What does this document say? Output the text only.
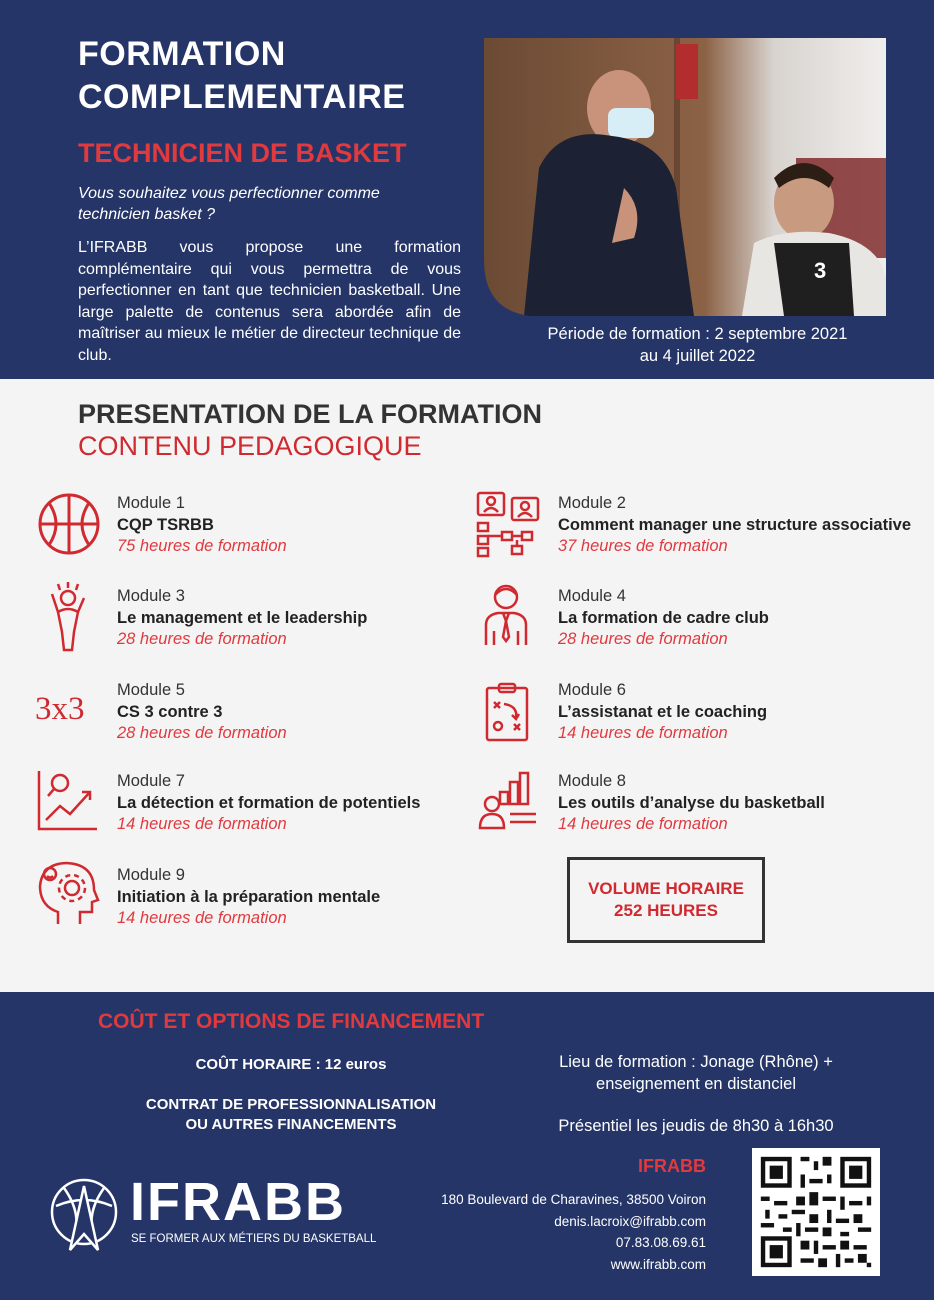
FORMATION
COMPLEMENTAIRE
TECHNICIEN DE BASKET
Vous souhaitez vous perfectionner comme technicien basket ?
L’IFRABB vous propose une formation complémentaire qui vous permettra de vous perfectionner en tant que technicien basketball. Une large palette de contenus sera abordée afin de maîtriser au mieux le métier de directeur technique de club.
3
Période de formation : 2 septembre 2021
au 4 juillet 2022
PRESENTATION DE LA FORMATION
CONTENU PEDAGOGIQUE
3x3
Module 1
CQP TSRBB
75 heures de formation
Module 2
Comment manager une structure associative
37 heures de formation
Module 3
Le management et le leadership
28 heures de formation
Module 4
La formation de cadre club
28 heures de formation
Module 5
CS 3 contre 3
28 heures de formation
Module 6
L’assistanat et le coaching
14 heures de formation
Module 7
La détection et formation de potentiels
14 heures de formation
Module 8
Les outils d’analyse du basketball
14 heures de formation
Module 9
Initiation à la préparation mentale
14 heures de formation
VOLUME HORAIRE
252 HEURES
COÛT ET OPTIONS DE FINANCEMENT
COÛT HORAIRE : 12 euros
CONTRAT DE PROFESSIONNALISATION
OU AUTRES FINANCEMENTS
Lieu de formation : Jonage (Rhône) +
enseignement en distanciel
Présentiel les jeudis de 8h30 à 16h30
IFRABB
SE FORMER AUX MÉTIERS DU BASKETBALL
IFRABB
180 Boulevard de Charavines, 38500 Voiron
denis.lacroix@ifrabb.com
07.83.08.69.61
www.ifrabb.com
